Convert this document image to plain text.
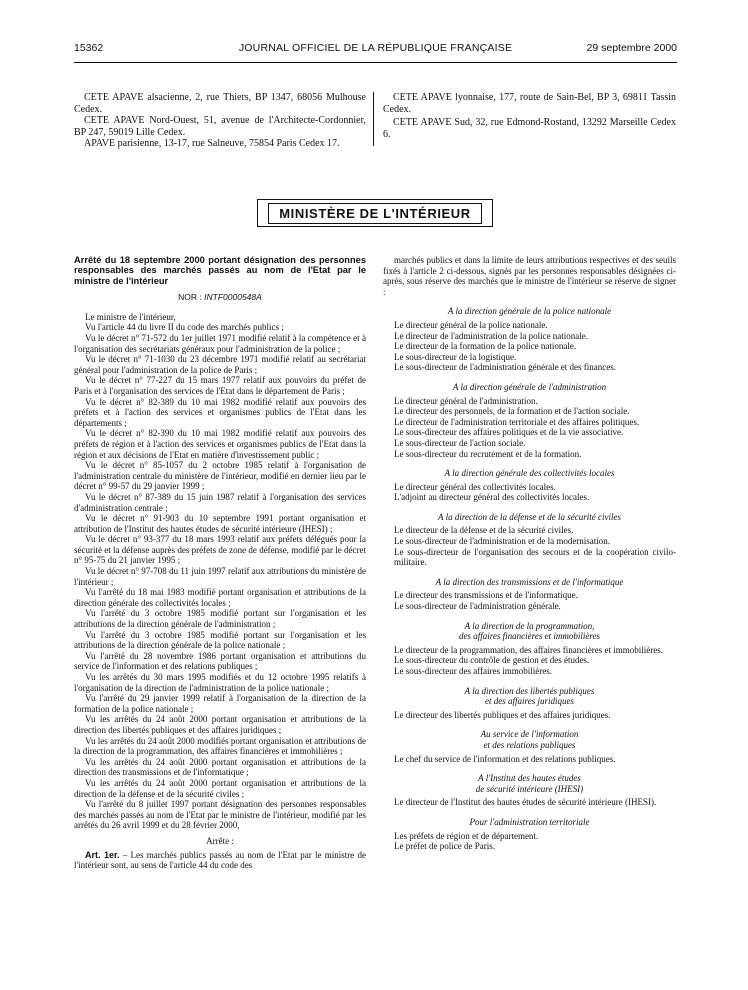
15362	JOURNAL OFFICIEL DE LA RÉPUBLIQUE FRANÇAISE	29 septembre 2000

CETE APAVE alsacienne, 2, rue Thiers, BP 1347, 68056 Mulhouse Cedex.

CETE APAVE Nord-Ouest, 51, avenue de l'Architecte-Cordonnier, BP 247, 59019 Lille Cedex.

APAVE parisienne, 13-17, rue Salneuve, 75854 Paris Cedex 17.

CETE APAVE lyonnaise, 177, route de Sain-Bel, BP 3, 69811 Tassin Cedex.

CETE APAVE Sud, 32, rue Edmond-Rostand, 13292 Marseille Cedex 6.

MINISTÈRE DE L'INTÉRIEUR

Arrêté du 18 septembre 2000 portant désignation des personnes responsables des marchés passés au nom de l'Etat par le ministre de l'intérieur

NOR : INTF0000548A

Le ministre de l'intérieur,

Vu l'article 44 du livre II du code des marchés publics ;

Vu le décret n° 71-572 du 1er juillet 1971 modifié relatif à la compétence et à l'organisation des secrétariats généraux pour l'administration de la police ;

Vu le décret n° 71-1030 du 23 décembre 1971 modifié relatif au secrétariat général pour l'administration de la police de Paris ;

Vu le décret n° 77-227 du 15 mars 1977 relatif aux pouvoirs du préfet de Paris et à l'organisation des services de l'Etat dans le département de Paris ;

Vu le décret n° 82-389 du 10 mai 1982 modifié relatif aux pouvoirs des préfets et à l'action des services et organismes publics de l'Etat dans les départements ;

Vu le décret n° 82-390 du 10 mai 1982 modifié relatif aux pouvoirs des préfets de région et à l'action des services et organismes publics de l'Etat dans la région et aux décisions de l'Etat en matière d'investissement public ;

Vu le décret n° 85-1057 du 2 octobre 1985 relatif à l'organisation de l'administration centrale du ministère de l'intérieur, modifié en dernier lieu par le décret n° 99-57 du 29 janvier 1999 ;

Vu le décret n° 87-389 du 15 juin 1987 relatif à l'organisation des services d'administration centrale ;

Vu le décret n° 91-903 du 10 septembre 1991 portant organisation et attribution de l'Institut des hautes études de sécurité intérieure (IHESI) ;

Vu le décret n° 93-377 du 18 mars 1993 relatif aux préfets délégués pour la sécurité et la défense auprès des préfets de zone de défense, modifié par le décret n° 95-75 du 21 janvier 1995 ;

Vu le décret n° 97-708 du 11 juin 1997 relatif aux attributions du ministère de l'intérieur ;

Vu l'arrêté du 18 mai 1983 modifié portant organisation et attributions de la direction générale des collectivités locales ;

Vu l'arrêté du 3 octobre 1985 modifié portant sur l'organisation et les attributions de la direction générale de l'administration ;

Vu l'arrêté du 3 octobre 1985 modifié portant sur l'organisation et les attributions de la direction générale de la police nationale ;

Vu l'arrêté du 28 novembre 1986 portant organisation et attributions du service de l'information et des relations publiques ;

Vu les arrêtés du 30 mars 1995 modifiés et du 12 octobre 1995 relatifs à l'organisation de la direction de l'administration de la police nationale ;

Vu l'arrêté du 29 janvier 1999 relatif à l'organisation de la direction de la formation de la police nationale ;

Vu les arrêtés du 24 août 2000 portant organisation et attributions de la direction des libertés publiques et des affaires juridiques ;

Vu les arrêtés du 24 août 2000 modifiés portant organisation et attributions de la direction de la programmation, des affaires financières et immobilières ;

Vu les arrêtés du 24 août 2000 portant organisation et attributions de la direction des transmissions et de l'informatique ;

Vu les arrêtés du 24 août 2000 portant organisation et attributions de la direction de la défense et de la sécurité civiles ;

Vu l'arrêté du 8 juillet 1997 portant désignation des personnes responsables des marchés passés au nom de l'Etat par le ministre de l'intérieur, modifié par les arrêtés du 26 avril 1999 et du 28 février 2000,

Arrête :

Art. 1er. – Les marchés publics passés au nom de l'Etat par le ministre de l'intérieur sont, au sens de l'article 44 du code des

marchés publics et dans la limite de leurs attributions respectives et des seuils fixés à l'article 2 ci-dessous, signés par les personnes responsables désignées ci-après, sous réserve des marchés que le ministre de l'intérieur se réserve de signer :

A la direction générale de la police nationale

Le directeur général de la police nationale.

Le directeur de l'administration de la police nationale.

Le directeur de la formation de la police nationale.

Le sous-directeur de la logistique.

Le sous-directeur de l'administration générale et des finances.

A la direction générale de l'administration

Le directeur général de l'administration.

Le directeur des personnels, de la formation et de l'action sociale.

Le directeur de l'administration territoriale et des affaires politiques.

Le sous-directeur des affaires politiques et de la vie associative.

Le sous-directeur de l'action sociale.

Le sous-directeur du recrutement et de la formation.

A la direction générale des collectivités locales

Le directeur général des collectivités locales.

L'adjoint au directeur général des collectivités locales.

A la direction de la défense et de la sécurité civiles

Le directeur de la défense et de la sécurité civiles.

Le sous-directeur de l'administration et de la modernisation.

Le sous-directeur de l'organisation des secours et de la coopération civilo-militaire.

A la direction des transmissions et de l'informatique

Le directeur des transmissions et de l'informatique.

Le sous-directeur de l'administration générale.

A la direction de la programmation,
des affaires financières et immobilières

Le directeur de la programmation, des affaires financières et immobilières.

Le sous-directeur du contrôle de gestion et des études.

Le sous-directeur des affaires immobilières.

A la direction des libertés publiques
et des affaires juridiques

Le directeur des libertés publiques et des affaires juridiques.

Au service de l'information
et des relations publiques

Le chef du service de l'information et des relations publiques.

A l'Institut des hautes études
de sécurité intérieure (IHESI)

Le directeur de l'Institut des hautes études de sécurité intérieure (IHESI).

Pour l'administration territoriale

Les préfets de région et de département.

Le préfet de police de Paris.
